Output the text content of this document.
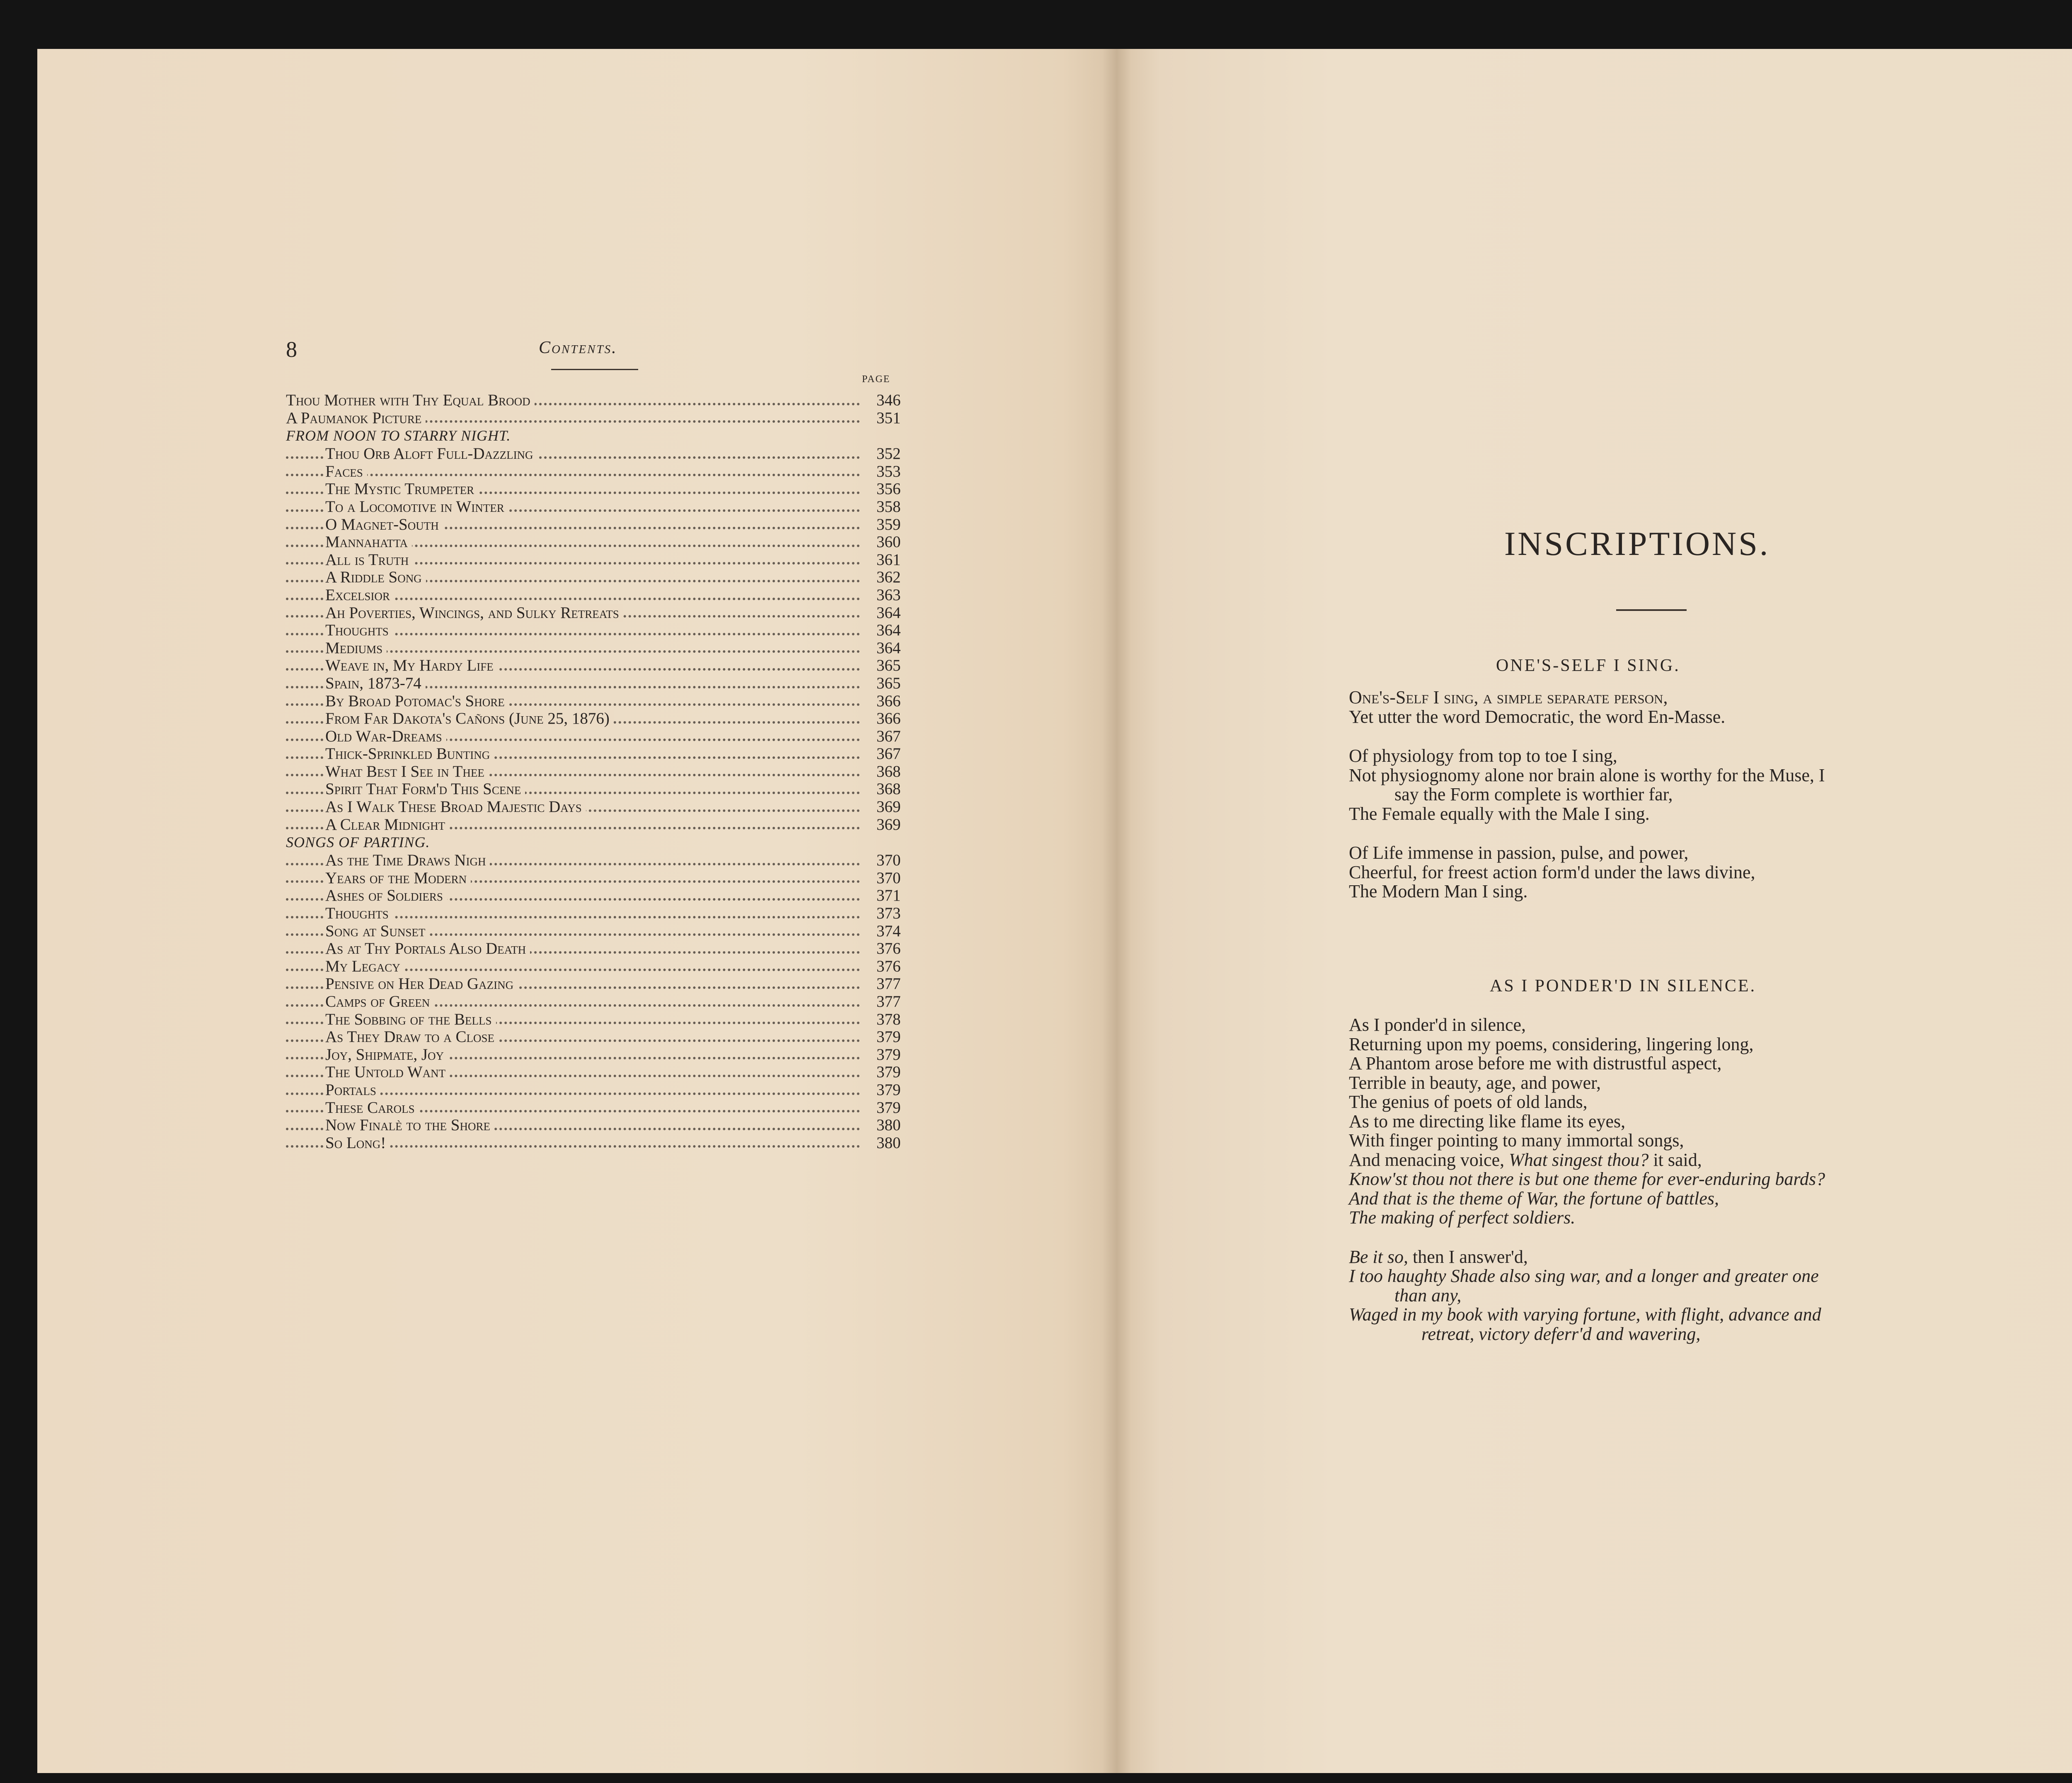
8	Contents.
PAGE
Thou Mother with Thy Equal Brood	346
A Paumanok Picture	351
FROM NOON TO STARRY NIGHT.
Thou Orb Aloft Full-Dazzling	352
Faces	353
The Mystic Trumpeter	356
To a Locomotive in Winter	358
O Magnet-South	359
Mannahatta	360
All is Truth	361
A Riddle Song	362
Excelsior	363
Ah Poverties, Wincings, and Sulky Retreats	364
Thoughts	364
Mediums	364
Weave in, My Hardy Life	365
Spain, 1873-74	365
By Broad Potomac's Shore	366
From Far Dakota's Cañons (June 25, 1876)	366
Old War-Dreams	367
Thick-Sprinkled Bunting	367
What Best I See in Thee	368
Spirit That Form'd This Scene	368
As I Walk These Broad Majestic Days	369
A Clear Midnight	369
SONGS OF PARTING.
As the Time Draws Nigh	370
Years of the Modern	370
Ashes of Soldiers	371
Thoughts	373
Song at Sunset	374
As at Thy Portals Also Death	376
My Legacy	376
Pensive on Her Dead Gazing	377
Camps of Green	377
The Sobbing of the Bells	378
As They Draw to a Close	379
Joy, Shipmate, Joy	379
The Untold Want	379
Portals	379
These Carols	379
Now Finalè to the Shore	380
So Long!	380
INSCRIPTIONS.
ONE'S-SELF I SING.
One's-Self I sing, a simple separate person,
Yet utter the word Democratic, the word En-Masse.
Of physiology from top to toe I sing,
Not physiognomy alone nor brain alone is worthy for the Muse, I
say the Form complete is worthier far,
The Female equally with the Male I sing.
Of Life immense in passion, pulse, and power,
Cheerful, for freest action form'd under the laws divine,
The Modern Man I sing.
AS I PONDER'D IN SILENCE.
As I ponder'd in silence,
Returning upon my poems, considering, lingering long,
A Phantom arose before me with distrustful aspect,
Terrible in beauty, age, and power,
The genius of poets of old lands,
As to me directing like flame its eyes,
With finger pointing to many immortal songs,
And menacing voice, What singest thou? it said,
Know'st thou not there is but one theme for ever-enduring bards?
And that is the theme of War, the fortune of battles,
The making of perfect soldiers.
Be it so, then I answer'd,
I too haughty Shade also sing war, and a longer and greater one
than any,
Waged in my book with varying fortune, with flight, advance and
retreat, victory deferr'd and wavering,
